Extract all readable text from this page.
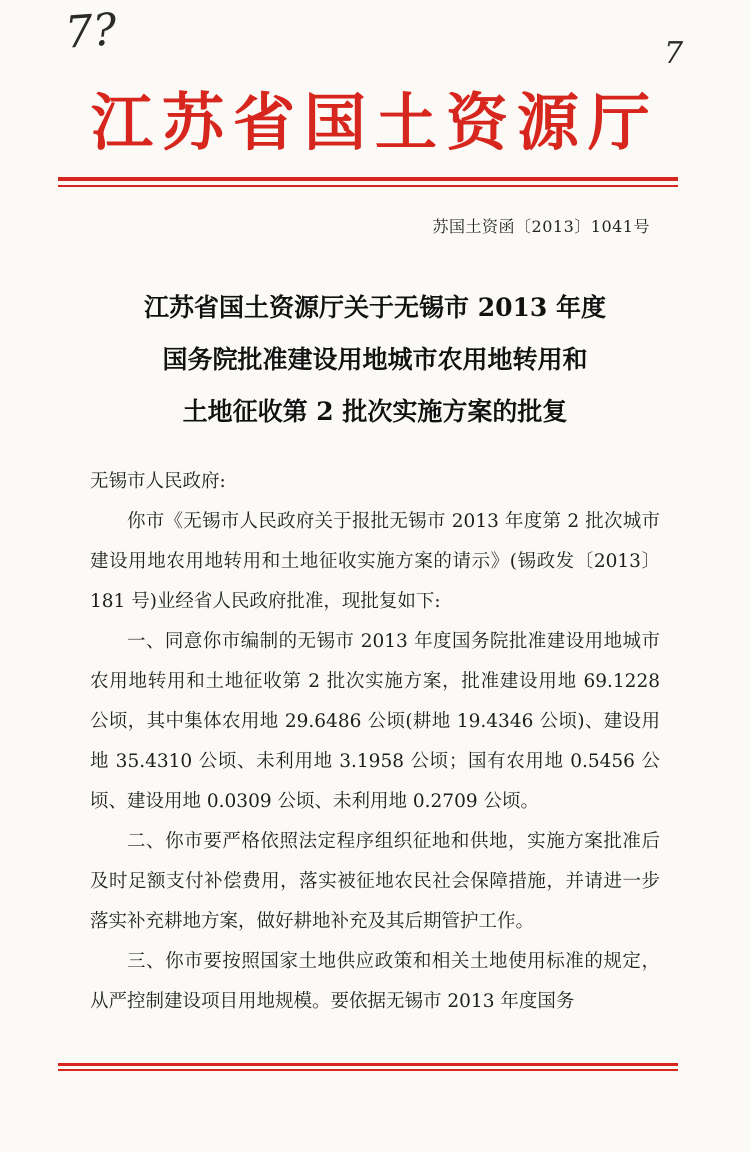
7?	7
江苏省国土资源厅
苏国土资函〔2013〕1041号
江苏省国土资源厅关于无锡市 2013 年度
国务院批准建设用地城市农用地转用和
土地征收第 2 批次实施方案的批复

无锡市人民政府:

你市《无锡市人民政府关于报批无锡市 2013 年度第 2 批次城市建设用地农用地转用和土地征收实施方案的请示》(锡政发〔2013〕181 号)业经省人民政府批准，现批复如下:

一、同意你市编制的无锡市 2013 年度国务院批准建设用地城市农用地转用和土地征收第 2 批次实施方案，批准建设用地 69.1228 公顷，其中集体农用地 29.6486 公顷(耕地 19.4346 公顷)、建设用地 35.4310 公顷、未利用地 3.1958 公顷；国有农用地 0.5456 公顷、建设用地 0.0309 公顷、未利用地 0.2709 公顷。

二、你市要严格依照法定程序组织征地和供地，实施方案批准后及时足额支付补偿费用，落实被征地农民社会保障措施，并请进一步落实补充耕地方案，做好耕地补充及其后期管护工作。

三、你市要按照国家土地供应政策和相关土地使用标准的规定，从严控制建设项目用地规模。要依据无锡市 2013 年度国务
